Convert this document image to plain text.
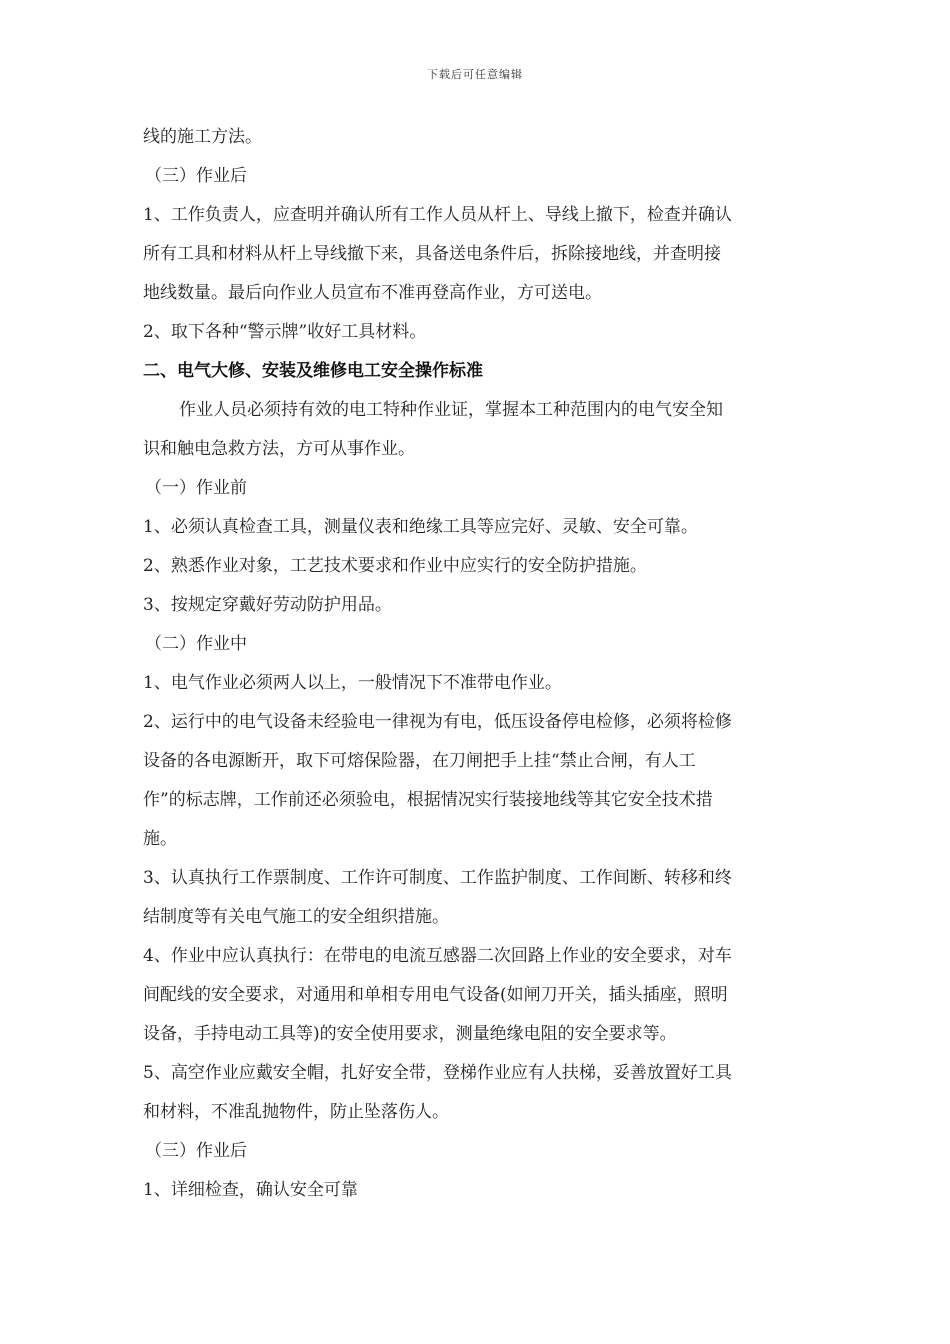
下载后可任意编辑
线的施工方法。
（三）作业后
1、工作负责人，应查明并确认所有工作人员从杆上、导线上撤下，检查并确认
所有工具和材料从杆上导线撤下来，具备送电条件后，拆除接地线，并查明接
地线数量。最后向作业人员宣布不准再登高作业，方可送电。
2、取下各种“警示牌”收好工具材料。
二、电气大修、安装及维修电工安全操作标准
作业人员必须持有效的电工特种作业证，掌握本工种范围内的电气安全知
识和触电急救方法，方可从事作业。
（一）作业前
1、必须认真检查工具，测量仪表和绝缘工具等应完好、灵敏、安全可靠。
2、熟悉作业对象，工艺技术要求和作业中应实行的安全防护措施。
3、按规定穿戴好劳动防护用品。
（二）作业中
1、电气作业必须两人以上，一般情况下不准带电作业。
2、运行中的电气设备未经验电一律视为有电，低压设备停电检修，必须将检修
设备的各电源断开，取下可熔保险器，在刀闸把手上挂“禁止合闸，有人工
作”的标志牌，工作前还必须验电，根据情况实行装接地线等其它安全技术措
施。
3、认真执行工作票制度、工作许可制度、工作监护制度、工作间断、转移和终
结制度等有关电气施工的安全组织措施。
4、作业中应认真执行：在带电的电流互感器二次回路上作业的安全要求，对车
间配线的安全要求，对通用和单相专用电气设备(如闸刀开关，插头插座，照明
设备，手持电动工具等)的安全使用要求，测量绝缘电阻的安全要求等。
5、高空作业应戴安全帽，扎好安全带，登梯作业应有人扶梯，妥善放置好工具
和材料，不准乱抛物件，防止坠落伤人。
（三）作业后
1、详细检查，确认安全可靠
